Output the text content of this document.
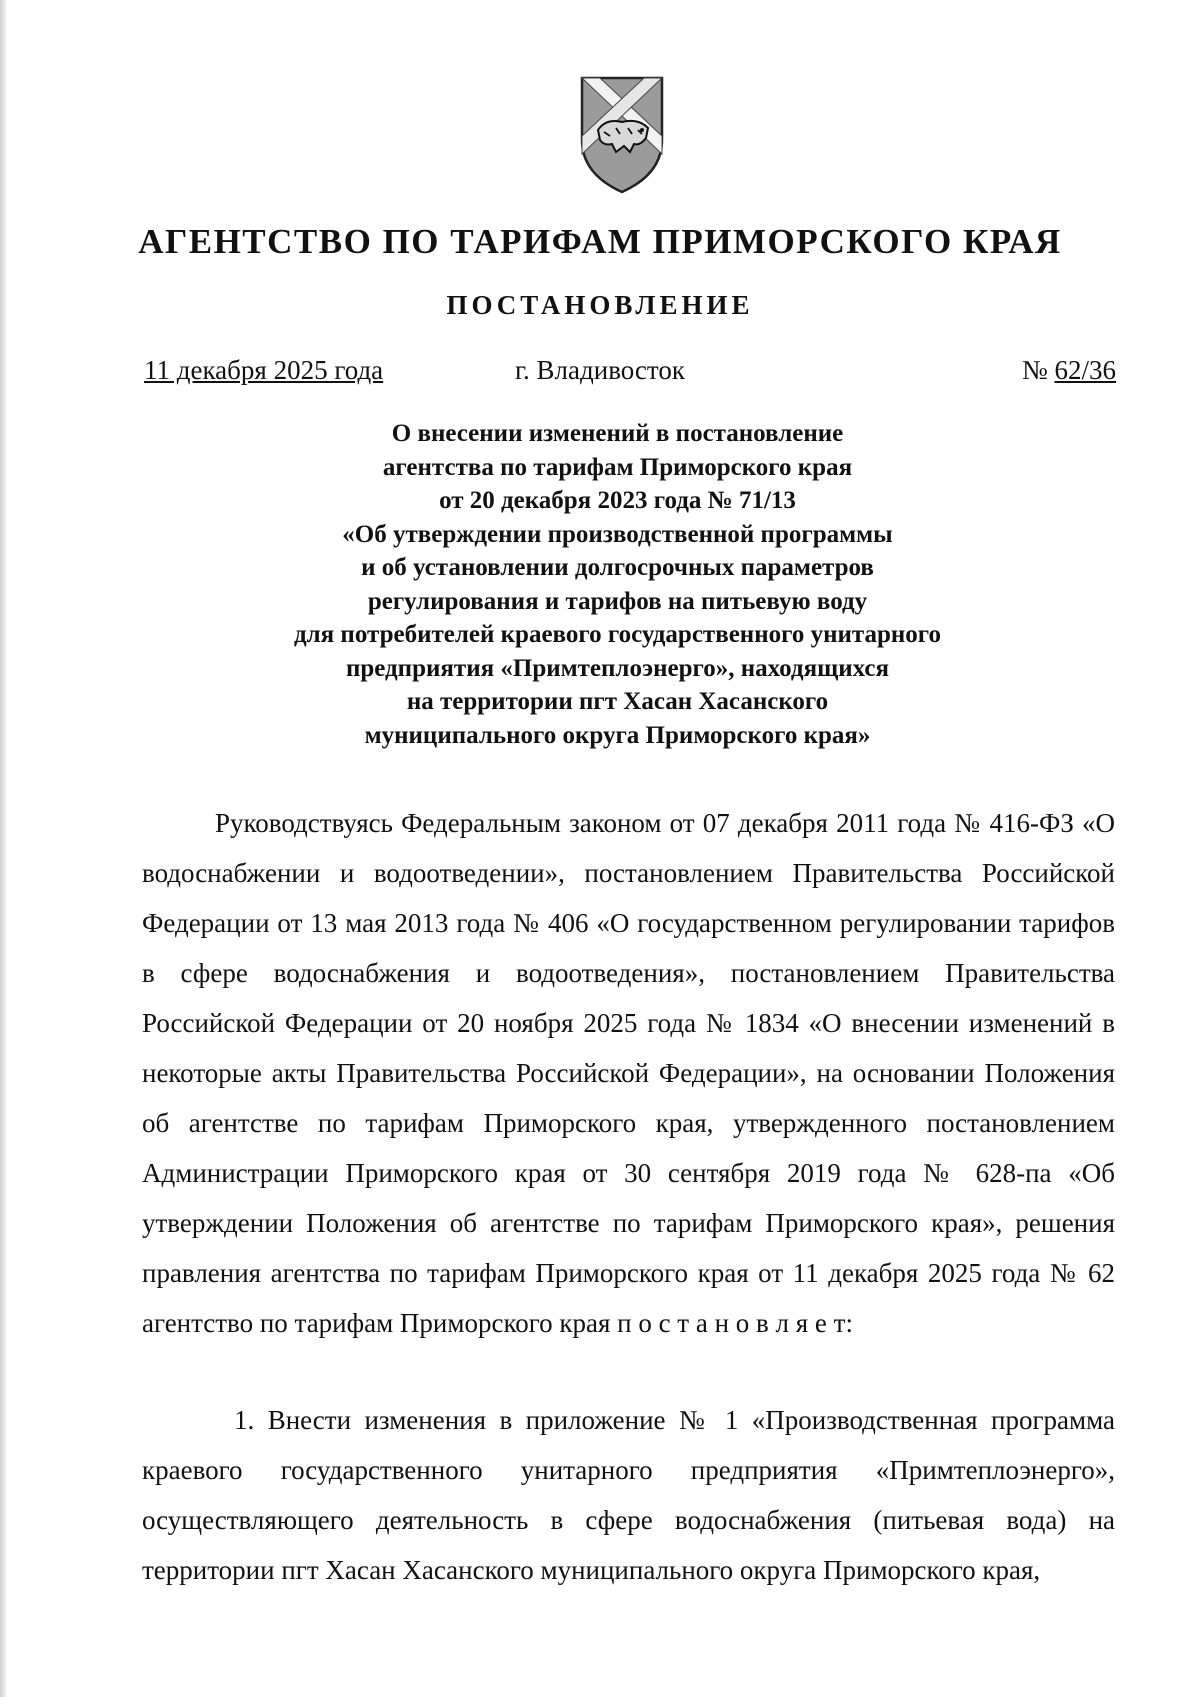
АГЕНТСТВО ПО ТАРИФАМ ПРИМОРСКОГО КРАЯ
ПОСТАНОВЛЕНИЕ
11 декабря 2025 года	г. Владивосток	№ 62/36
О внесении изменений в постановление
агентства по тарифам Приморского края
от 20 декабря 2023 года № 71/13
«Об утверждении производственной программы
и об установлении долгосрочных параметров
регулирования и тарифов на питьевую воду
для потребителей краевого государственного унитарного
предприятия «Примтеплоэнерго», находящихся
на территории пгт Хасан Хасанского
муниципального округа Приморского края»

Руководствуясь Федеральным законом от 07 декабря 2011 года № 416-ФЗ «О водоснабжении и водоотведении», постановлением Правительства Российской Федерации от 13 мая 2013 года № 406 «О государственном регулировании тарифов в сфере водоснабжения и водоотведения», постановлением Правительства Российской Федерации от 20 ноября 2025 года № 1834 «О внесении изменений в некоторые акты Правительства Российской Федерации», на основании Положения об агентстве по тарифам Приморского края, утвержденного постановлением Администрации Приморского края от 30 сентября 2019 года № 628-па «Об утверждении Положения об агентстве по тарифам Приморского края», решения правления агентства по тарифам Приморского края от 11 декабря 2025 года № 62 агентство по тарифам Приморского края п о с т а н о в л я е т:

1. Внести изменения в приложение № 1 «Производственная программа краевого государственного унитарного предприятия «Примтеплоэнерго», осуществляющего деятельность в сфере водоснабжения (питьевая вода) на территории пгт Хасан Хасанского муниципального округа Приморского края,
